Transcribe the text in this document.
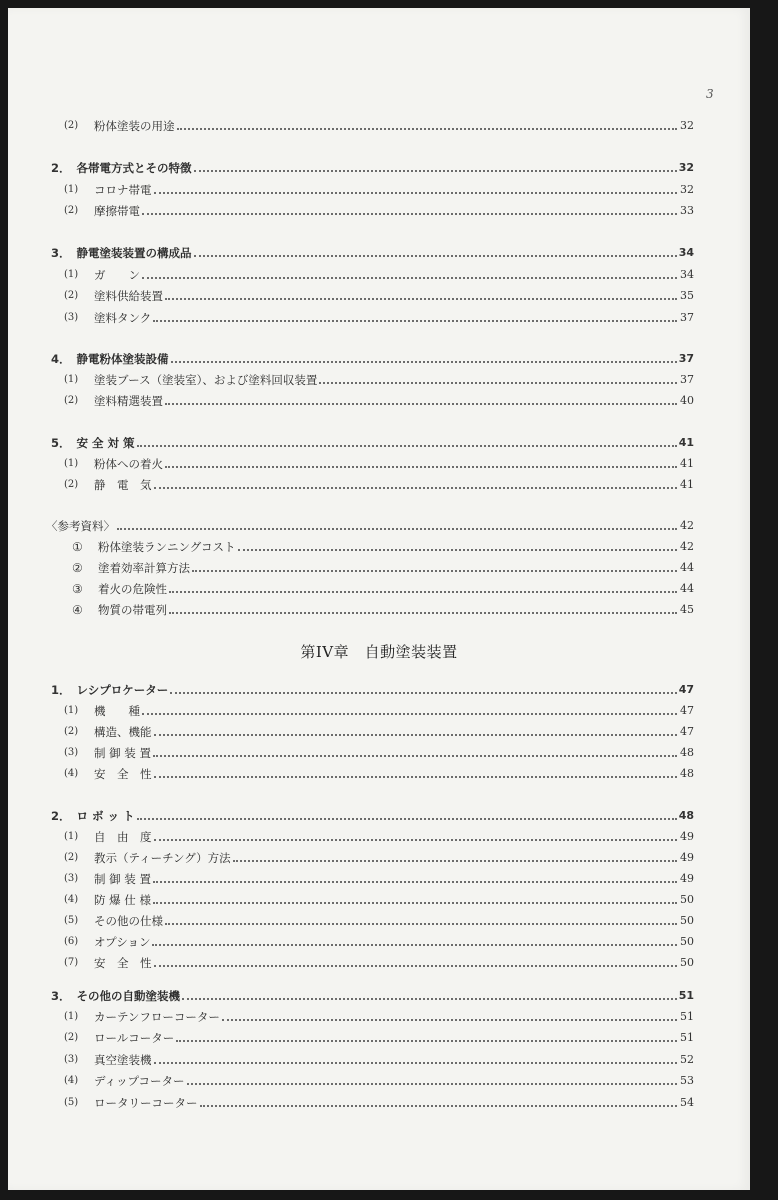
3
第IV章　自動塗装装置
(2)	粉体塗装の用途	32
2． 各帯電方式とその特徴	32
(1)	コロナ帯電	32
(2)	摩擦帯電	33
3． 静電塗装装置の構成品	34
(1)	ガ　　ン	34
(2)	塗料供給装置	35
(3)	塗料タンク	37
4． 静電粉体塗装設備	37
(1)	塗装ブース（塗装室）、および塗料回収装置	37
(2)	塗料精選装置	40
5． 安 全 対 策	41
(1)	粉体への着火	41
(2)	静　電　気	41
〈参考資料〉	42
①	粉体塗装ランニングコスト	42
②	塗着効率計算方法	44
③	着火の危険性	44
④	物質の帯電列	45
1． レシプロケーター	47
(1)	機　　種	47
(2)	構造、機能	47
(3)	制 御 装 置	48
(4)	安　全　性	48
2． ロ ボ ッ ト	48
(1)	自　由　度	49
(2)	教示（ティーチング）方法	49
(3)	制 御 装 置	49
(4)	防 爆 仕 様	50
(5)	その他の仕様	50
(6)	オプション	50
(7)	安　全　性	50
3． その他の自動塗装機	51
(1)	カーテンフローコーター	51
(2)	ロールコーター	51
(3)	真空塗装機	52
(4)	ディップコーター	53
(5)	ロータリーコーター	54
